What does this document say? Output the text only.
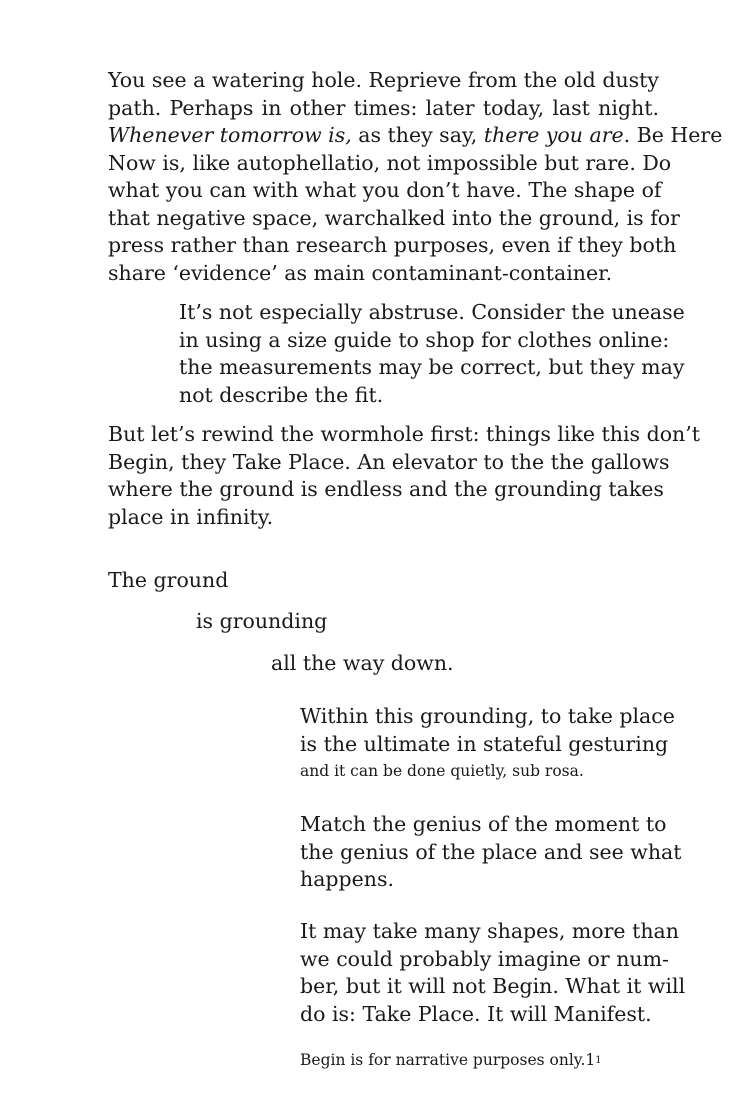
You see a watering hole. Reprieve from the old dusty
path. Perhaps in other times: later today, last night.
Whenever tomorrow is, as they say, there you are. Be Here
Now is, like autophellatio, not impossible but rare. Do
what you can with what you don’t have. The shape of
that negative space, warchalked into the ground, is for
press rather than research purposes, even if they both
share ‘evidence’ as main contaminant-container.

It’s not especially abstruse. Consider the unease
in using a size guide to shop for clothes online:
the measurements may be correct, but they may
not describe the fit.

But let’s rewind the wormhole first: things like this don’t
Begin, they Take Place. An elevator to the the gallows
where the ground is endless and the grounding takes
place in infinity.

The ground
is grounding
all the way down.

Within this grounding, to take place
is the ultimate in stateful gesturing
and it can be done quietly, sub rosa.

Match the genius of the moment to
the genius of the place and see what
happens.

It may take many shapes, more than
we could probably imagine or num-
ber, but it will not Begin. What it will
do is: Take Place. It will Manifest.

Begin is for narrative purposes $only.1^1$
